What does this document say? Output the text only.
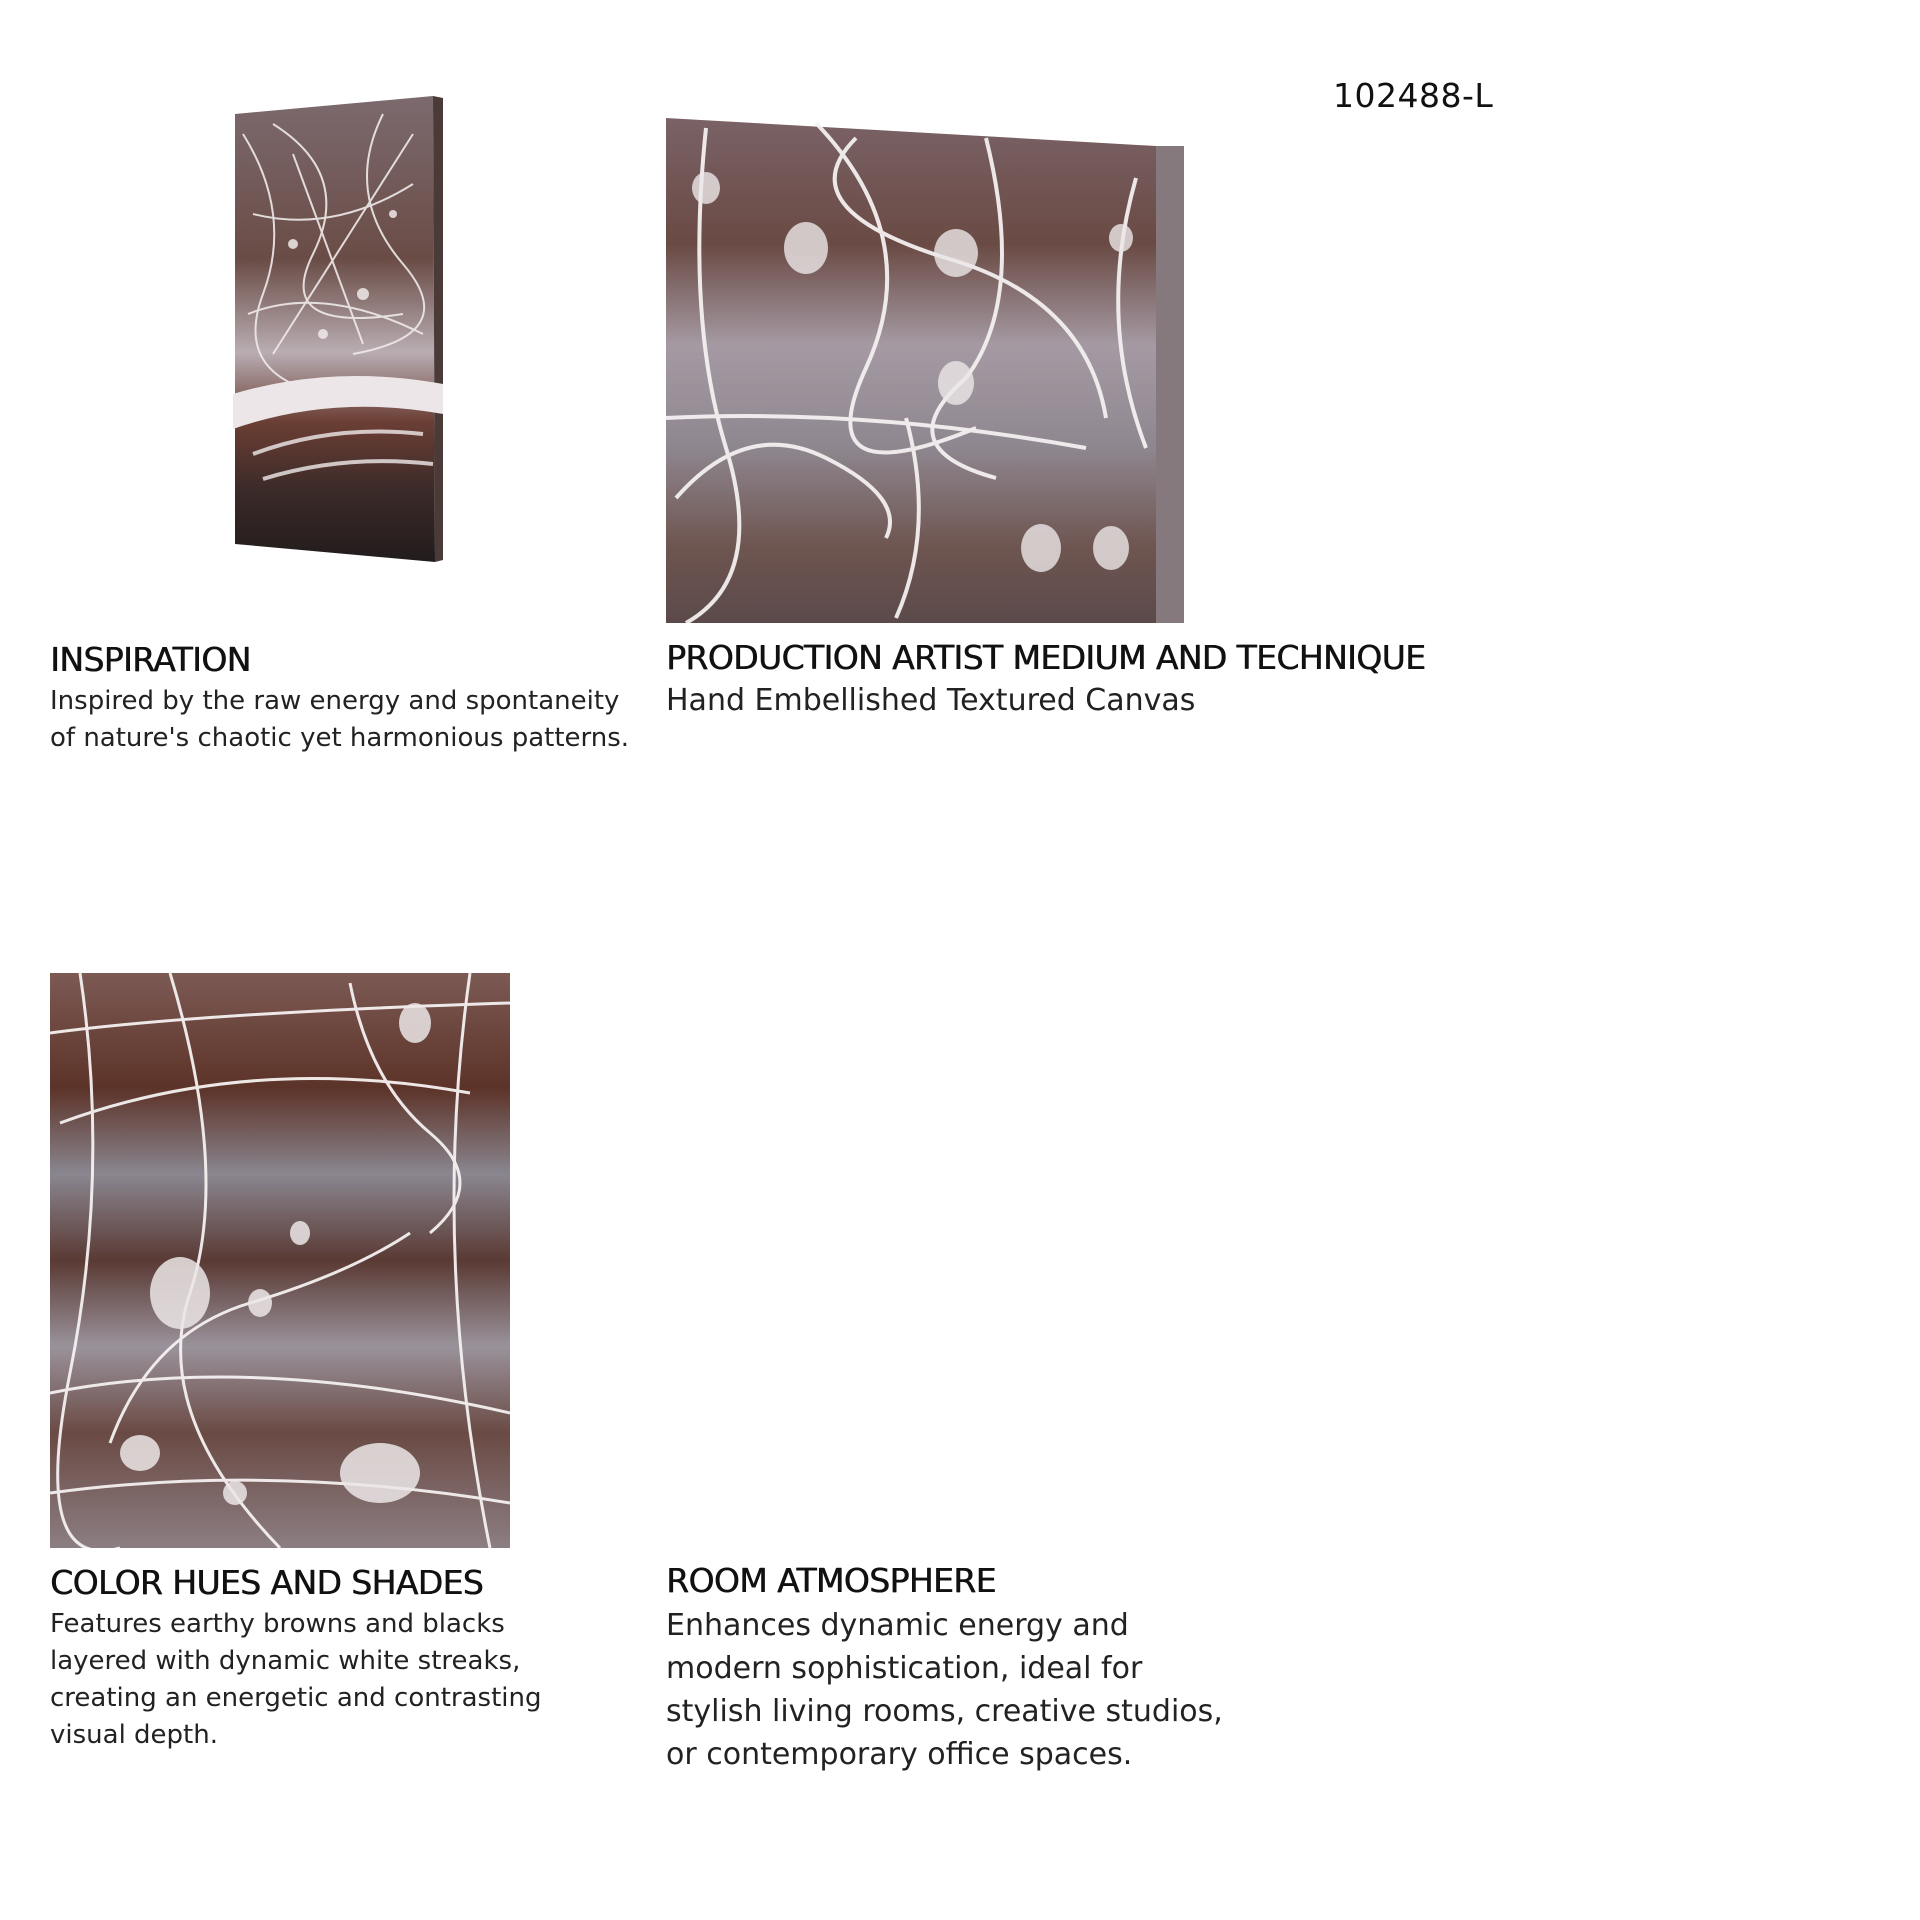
102488-L
INSPIRATION

Inspired by the raw energy and spontaneity of nature's chaotic yet harmonious patterns.

PRODUCTION ARTIST MEDIUM AND TECHNIQUE

Hand Embellished Textured Canvas

COLOR HUES AND SHADES

Features earthy browns and blacks layered with dynamic white streaks, creating an energetic and contrasting visual depth.

ROOM ATMOSPHERE

Enhances dynamic energy and modern sophistication, ideal for stylish living rooms, creative studios, or contemporary office spaces.
